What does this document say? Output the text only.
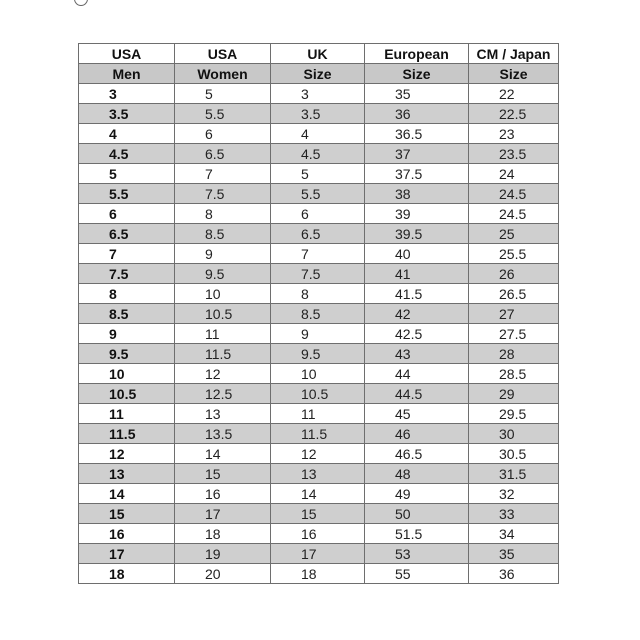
USA	USA	UK	European	CM / Japan
Men	Women	Size	Size	Size
3	5	3	35	22
3.5	5.5	3.5	36	22.5
4	6	4	36.5	23
4.5	6.5	4.5	37	23.5
5	7	5	37.5	24
5.5	7.5	5.5	38	24.5
6	8	6	39	24.5
6.5	8.5	6.5	39.5	25
7	9	7	40	25.5
7.5	9.5	7.5	41	26
8	10	8	41.5	26.5
8.5	10.5	8.5	42	27
9	11	9	42.5	27.5
9.5	11.5	9.5	43	28
10	12	10	44	28.5
10.5	12.5	10.5	44.5	29
11	13	11	45	29.5
11.5	13.5	11.5	46	30
12	14	12	46.5	30.5
13	15	13	48	31.5
14	16	14	49	32
15	17	15	50	33
16	18	16	51.5	34
17	19	17	53	35
18	20	18	55	36
